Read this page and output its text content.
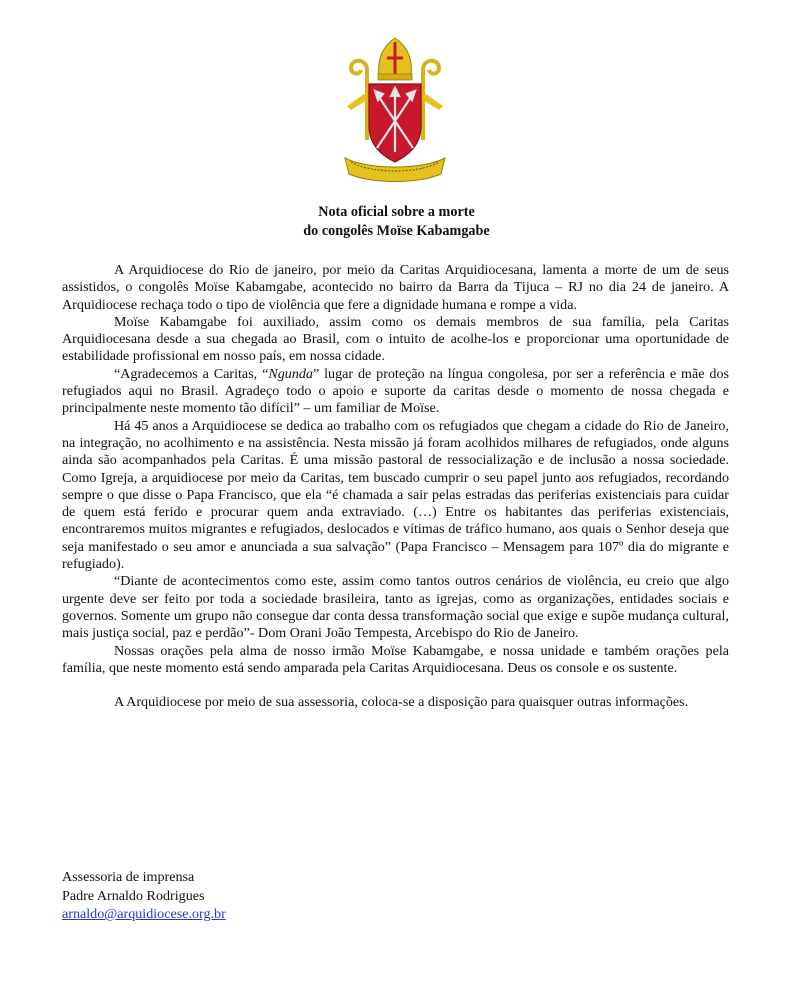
Nota oficial sobre a morte
do congolês Moïse Kabamgabe

A Arquidiocese do Rio de janeiro, por meio da Caritas Arquidiocesana, lamenta a morte de um de seus assistidos, o congolês Moïse Kabamgabe, acontecido no bairro da Barra da Tijuca – RJ no dia 24 de janeiro. A Arquidiocese rechaça todo o tipo de violência que fere a dignidade humana e rompe a vida.

Moïse Kabamgabe foi auxiliado, assim como os demais membros de sua família, pela Caritas Arquidiocesana desde a sua chegada ao Brasil, com o intuito de acolhe-los e proporcionar uma oportunidade de estabilidade profissional em nosso país, em nossa cidade.

“Agradecemos a Caritas, “Ngunda” lugar de proteção na língua congolesa, por ser a referência e mãe dos refugiados aqui no Brasil. Agradeço todo o apoio e suporte da caritas desde o momento de nossa chegada e principalmente neste momento tão difícil” – um familiar de Moïse.

Há 45 anos a Arquidiocese se dedica ao trabalho com os refugiados que chegam a cidade do Rio de Janeiro, na integração, no acolhimento e na assistência. Nesta missão já foram acolhidos milhares de refugiados, onde alguns ainda são acompanhados pela Caritas. É uma missão pastoral de ressocialização e de inclusão a nossa sociedade. Como Igreja, a arquidiocese por meio da Caritas, tem buscado cumprir o seu papel junto aos refugiados, recordando sempre o que disse o Papa Francisco, que ela “é chamada a sair pelas estradas das periferias existenciais para cuidar de quem está ferido e procurar quem anda extraviado. (…) Entre os habitantes das periferias existenciais, encontraremos muitos migrantes e refugiados, deslocados e vítimas de tráfico humano, aos quais o Senhor deseja que seja manifestado o seu amor e anunciada a sua salvação” (Papa Francisco – Mensagem para 107º dia do migrante e refugiado).

“Diante de acontecimentos como este, assim como tantos outros cenários de violência, eu creio que algo urgente deve ser feito por toda a sociedade brasileira, tanto as igrejas, como as organizações, entidades sociais e governos. Somente um grupo não consegue dar conta dessa transformação social que exige e supõe mudança cultural, mais justiça social, paz e perdão”- Dom Orani João Tempesta, Arcebispo do Rio de Janeiro.

Nossas orações pela alma de nosso irmão Moïse Kabamgabe, e nossa unidade e também orações pela família, que neste momento está sendo amparada pela Caritas Arquidiocesana. Deus os console e os sustente.

A Arquidiocese por meio de sua assessoria, coloca-se a disposição para quaisquer outras informações.

Assessoria de imprensa
Padre Arnaldo Rodrigues
arnaldo@arquidiocese.org.br
